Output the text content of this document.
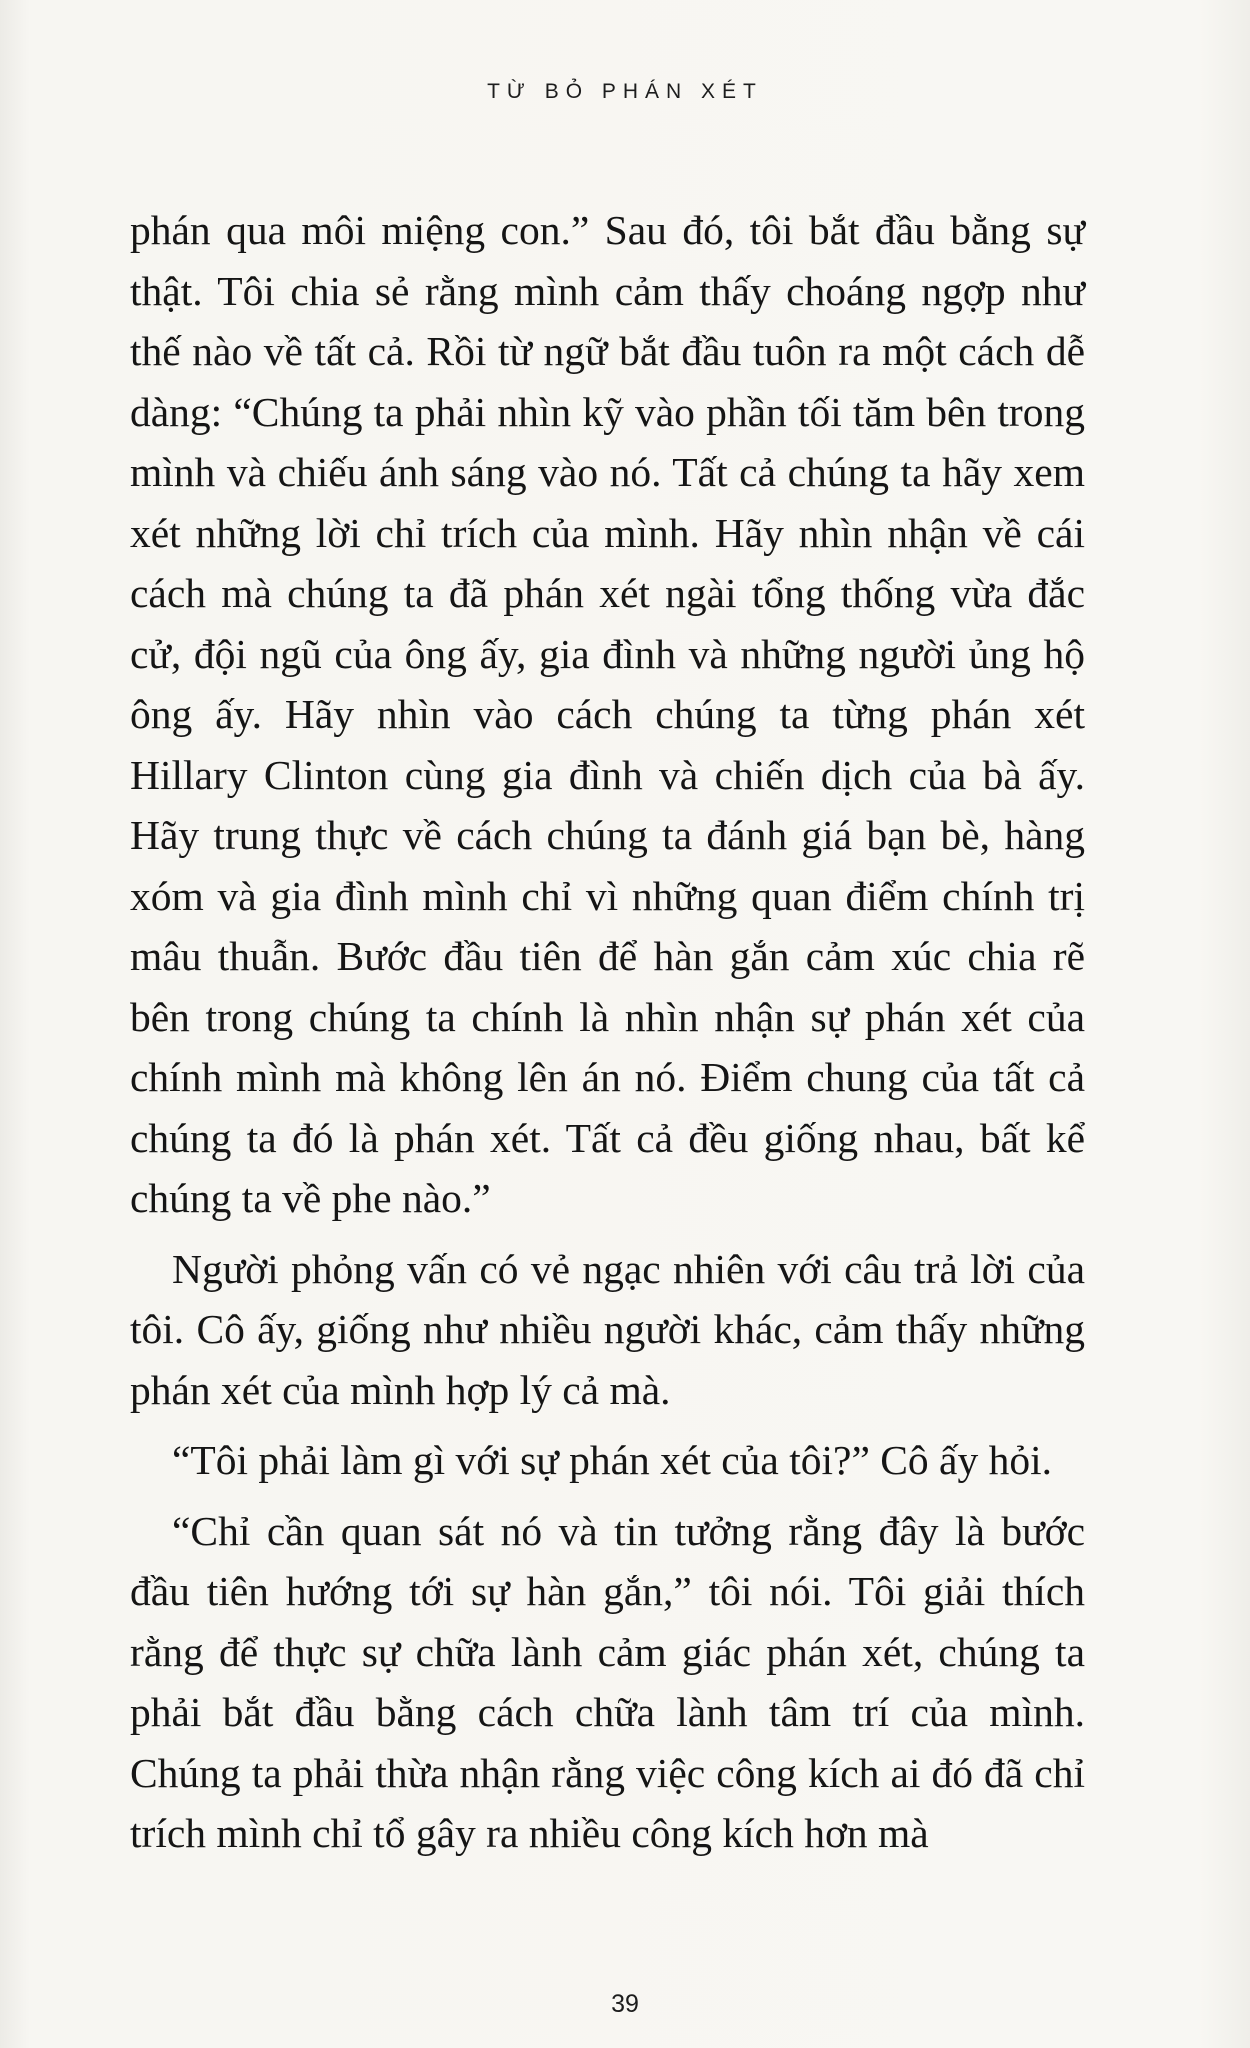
TỪ BỎ PHÁN XÉT

phán qua môi miệng con.” Sau đó, tôi bắt đầu bằng sự thật. Tôi chia sẻ rằng mình cảm thấy choáng ngợp như thế nào về tất cả. Rồi từ ngữ bắt đầu tuôn ra một cách dễ dàng: “Chúng ta phải nhìn kỹ vào phần tối tăm bên trong mình và chiếu ánh sáng vào nó. Tất cả chúng ta hãy xem xét những lời chỉ trích của mình. Hãy nhìn nhận về cái cách mà chúng ta đã phán xét ngài tổng thống vừa đắc cử, đội ngũ của ông ấy, gia đình và những người ủng hộ ông ấy. Hãy nhìn vào cách chúng ta từng phán xét Hillary Clinton cùng gia đình và chiến dịch của bà ấy. Hãy trung thực về cách chúng ta đánh giá bạn bè, hàng xóm và gia đình mình chỉ vì những quan điểm chính trị mâu thuẫn. Bước đầu tiên để hàn gắn cảm xúc chia rẽ bên trong chúng ta chính là nhìn nhận sự phán xét của chính mình mà không lên án nó. Điểm chung của tất cả chúng ta đó là phán xét. Tất cả đều giống nhau, bất kể chúng ta về phe nào.”

Người phỏng vấn có vẻ ngạc nhiên với câu trả lời của tôi. Cô ấy, giống như nhiều người khác, cảm thấy những phán xét của mình hợp lý cả mà.

“Tôi phải làm gì với sự phán xét của tôi?” Cô ấy hỏi.

“Chỉ cần quan sát nó và tin tưởng rằng đây là bước đầu tiên hướng tới sự hàn gắn,” tôi nói. Tôi giải thích rằng để thực sự chữa lành cảm giác phán xét, chúng ta phải bắt đầu bằng cách chữa lành tâm trí của mình. Chúng ta phải thừa nhận rằng việc công kích ai đó đã chỉ trích mình chỉ tổ gây ra nhiều công kích hơn mà

39
